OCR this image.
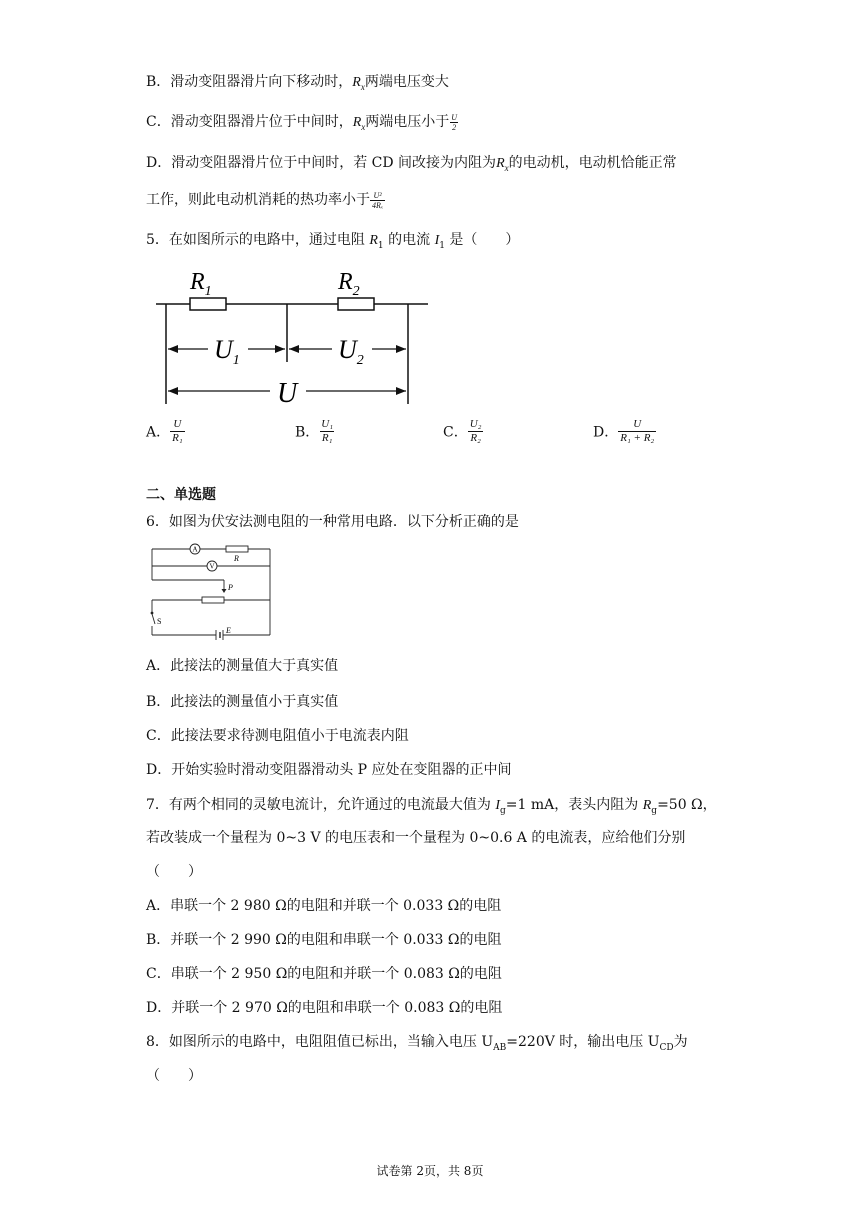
B．滑动变阻器滑片向下移动时，$R_x$两端电压变大
C．滑动变阻器滑片位于中间时，$R_x$两端电压小于 $\frac{U}{2}$
D．滑动变阻器滑片位于中间时，若 CD 间改接为内阻为$R_x$的电动机，电动机恰能正常
工作，则此电动机消耗的热功率小于 $\frac{\text{U²}}{\text{4Rₓ}}$
5．在如图所示的电路中，通过电阻 $R_1$ 的电流 $I_1$ 是（　　）
$R_1$	$R_2$
$U_1$	$U_2$
U
A． $\frac{U}{\text{R₁}}$	B． $\frac{\text{U₁}}{\text{R₁}}$	C． $\frac{\text{U₂}}{\text{R₂}}$	D． $\frac{U}{\text{R₁ + R₂}}$
二、单选题
6．如图为伏安法测电阻的一种常用电路．以下分析正确的是
A
R
V
P
S
E
A．此接法的测量值大于真实值
B．此接法的测量值小于真实值
C．此接法要求待测电阻值小于电流表内阻
D．开始实验时滑动变阻器滑动头 P 应处在变阻器的正中间
7．有两个相同的灵敏电流计，允许通过的电流最大值为 $I_g=1$ mA，表头内阻为 $R_g=50$ Ω，
若改装成一个量程为 0~3 V 的电压表和一个量程为 0~0.6 A 的电流表，应给他们分别
（　　）
A．串联一个 2 980 Ω的电阻和并联一个 0.033 Ω的电阻
B．并联一个 2 990 Ω的电阻和串联一个 0.033 Ω的电阻
C．串联一个 2 950 Ω的电阻和并联一个 0.083 Ω的电阻
D．并联一个 2 970 Ω的电阻和串联一个 0.083 Ω的电阻
8．如图所示的电路中，电阻阻值已标出，当输入电压 $U_{AB}=220V$ 时，输出电压 $U_{CD}$为
（　　）
试卷第 2页，共 8页
